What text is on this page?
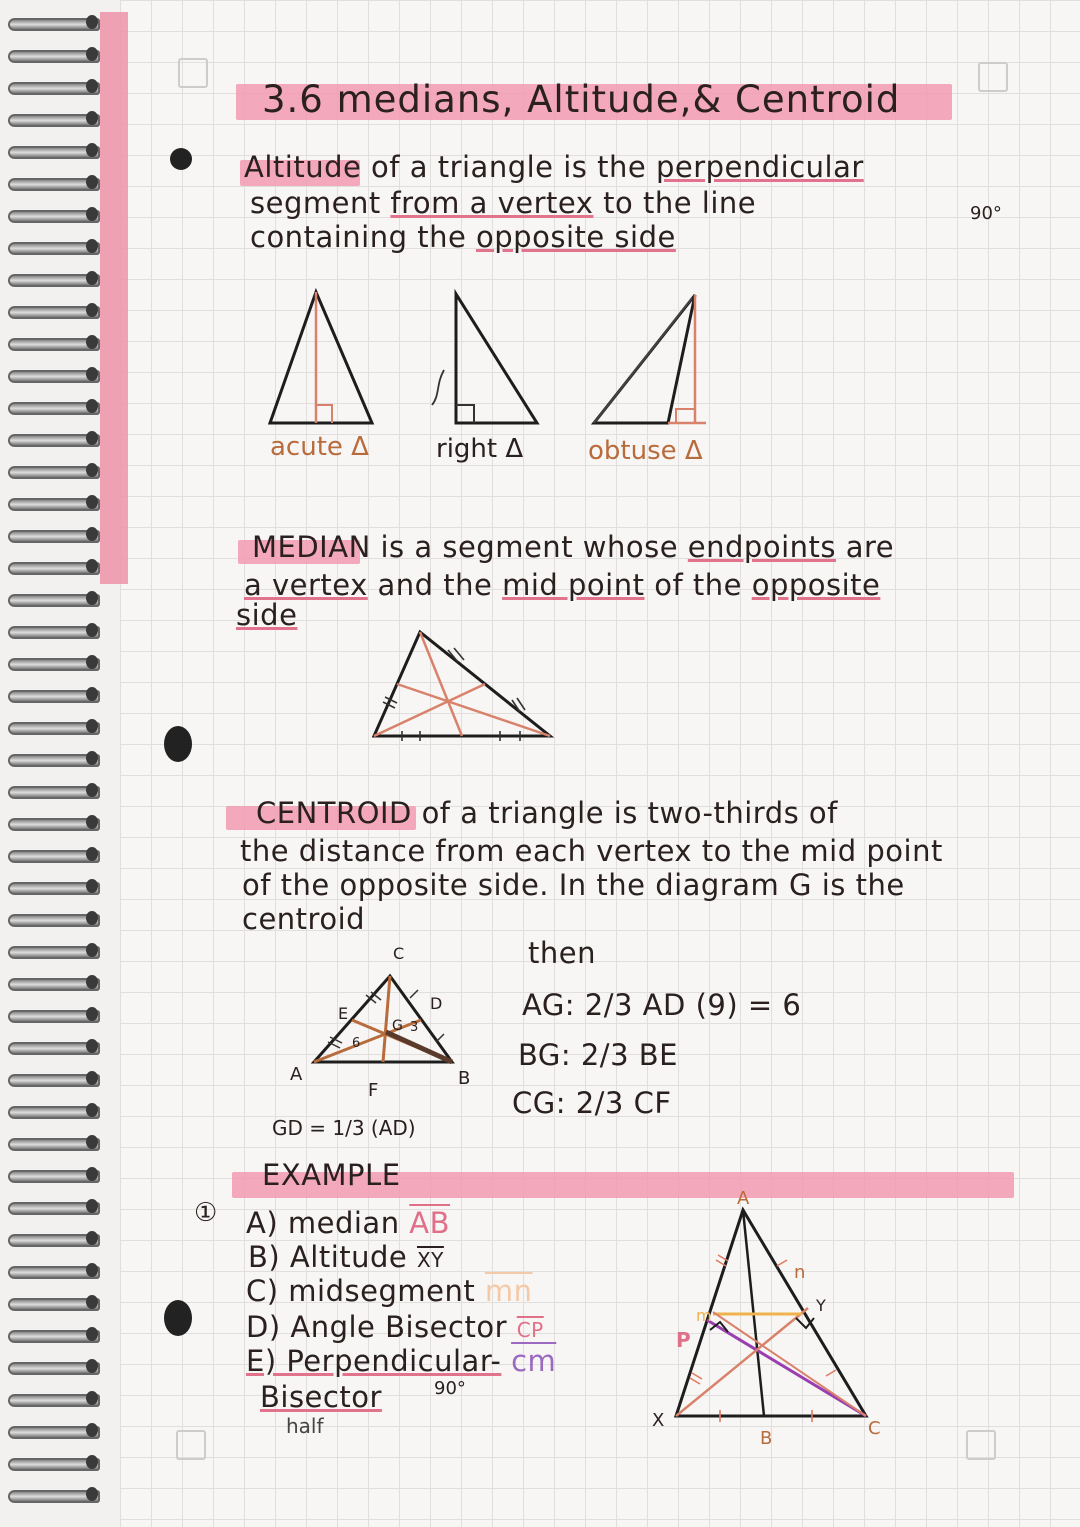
3.6 medians, Altitude,& Centroid
Altitude of a triangle is the perpendicular
segment from a vertex to the line	90°
containing the opposite side
acute Δ	right Δ obtuse Δ
MEDIAN is a segment whose endpoints are
a vertex and the mid point of the opposite
side
CENTROID of a triangle is two-thirds of
the distance from each vertex to the mid point
of the opposite side. In the diagram G is the
centroid
C
E
G
D
A
F
B
6
3
GD = 1/3 (AD)
then
AG: 2/3 AD (9) = 6
BG: 2/3 BE
CG: 2/3 CF
EXAMPLE
① A) median $\overline{AB}$
B) Altitude $\overline{XY}$
C) midsegment $\overline{mn}$
D) Angle Bisector $\overline{CP}$
E) Perpendicular- $\overline{cm}$
Bisector	90°
half
A
n
Y
m
P
X
B	C
